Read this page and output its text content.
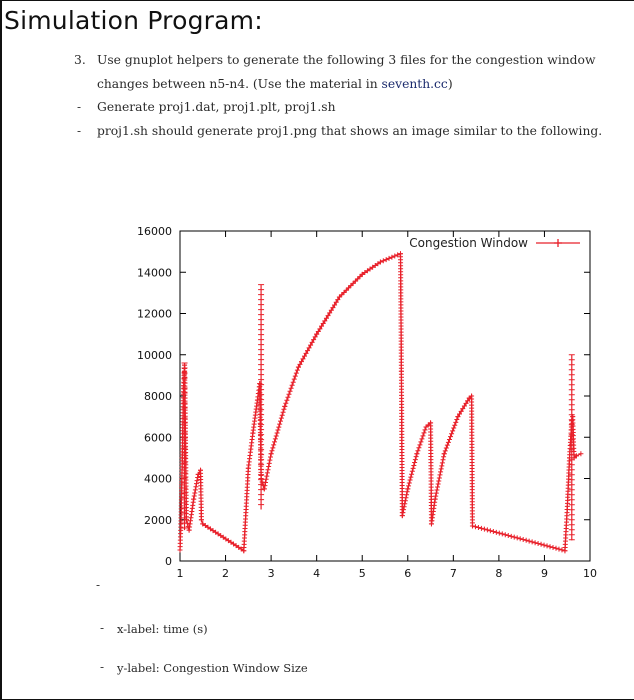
Simulation Program:
3. Use gnuplot helpers to generate the following 3 files for the congestion window
changes between n5-n4. (Use the material in seventh.cc)
- Generate proj1.dat, proj1.plt, proj1.sh
- proj1.sh should generate proj1.png that shows an image similar to the following.
0
2000
4000
6000
8000
10000
12000
14000
16000
1	2	3	4	5	6	7	8	9	10
Congestion Window
-
- x-label: time (s)
- y-label: Congestion Window Size
